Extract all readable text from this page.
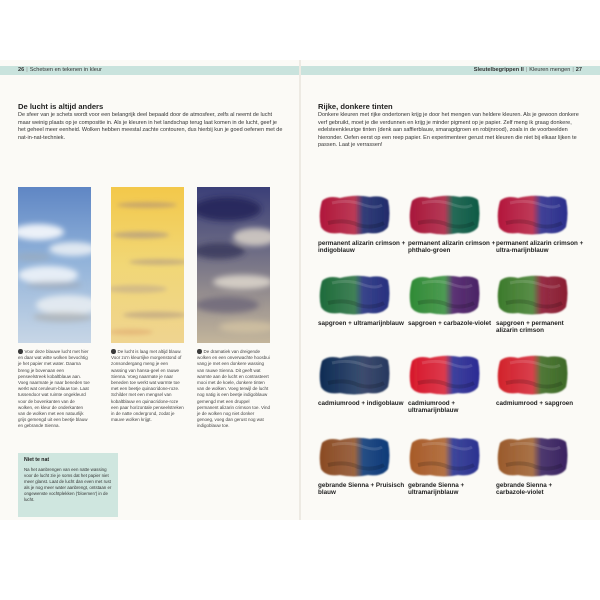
26 | Schetsen en tekenen in kleur	Sleutelbegrippen II | Kleuren mengen | 27
De lucht is altijd anders

De sfeer van je schets wordt voor een belangrijk deel bepaald door de atmosfeer, zelfs al neemt de lucht maar weinig plaats op je compositie in. Als je kleuren in het landschap terug laat komen in de lucht, geef je het geheel meer eenheid. Wolken hebben meestal zachte contouren, dus hierbij kun je goed oefenen met de nat-in-nat-techniek.

Voor deze blauwe lucht met hier en daar wat witte wolken bevochtig je het papier met water. Daarna breng je bovenaan een penseelstreek kobaltblauw aan. Voeg naarmate je naar beneden toe werkt wat ceruleum-blauw toe. Laat tussendoor wat ruimte ongekleurd voor de bovenkanten van de wolken, en kleur de onderkanten van de wolken met een natuurlijk grijs gemengd uit een beetje blauw en gebrande Sienna.

De lucht is laag met altijd blauw. Voor zo'n kleurrijke morgenstond of zonsondergang meng je een wassing van hansa-geel en rauwe Sienna. Voeg naarmate je naar beneden toe werkt wat warmte toe met een beetje quinacridone-roze. Schilder met een mengsel van kobaltblauw en quinacridone-roze een paar horizontale penseelstreken in de natte ondergrond, zodat je mauve wolken krijgt.

De dramatiek van dreigende wolken en een onverwachte hoosbui vang je met een donkere wassing van rauwe Sienna. Dit geeft wat warmte aan de lucht en contrasteert mooi met de koele, donkere tinten van de wolken. Voeg terwijl de lucht nog natig is een beetje indigoblauw gemengd met een druppel permanent alizarin crimson toe. Vind je de wolken nog niet donker genoeg, voeg dan gerust nog wat indigoblauw toe.

Niet te nat

Na het aanbrengen van een natte wassing voor de lucht zie je soms dat het papier niet meer glanst. Laat de lucht dan even met rust als je nog meer water aanbrengt, ontstaan er ongewenste vochtplekken ('bloemen') in de lucht.

Rijke, donkere tinten

Donkere kleuren met rijke ondertonen krijg je door het mengen van heldere kleuren. Als je gewoon donkere verf gebruikt, moet je die verdunnen en krijg je minder pigment op je papier. Zelf meng ik graag donkere, edelsteenkleurige tinten (denk aan saffierblauw, smaragdgroen en robijnrood), zoals in de voorbeelden hieronder. Oefen eerst op een reep papier. En experimenteer gerust met kleuren die niet bij elkaar lijken te passen. Laat je verrassen!

permanent alizarin crimson + indigoblauw

permanent alizarin crimson + phthalo-groen

permanent alizarin crimson + ultra-marijnblauw

sapgroen + ultramarijnblauw sapgroen + carbazole-violet sapgroen + permanent alizarin crimson

cadmiumrood + indigoblauw cadmiumrood + ultramarijnblauw

cadmiumrood + sapgroen

gebrande Sienna + Pruisisch blauw

gebrande Sienna + ultramarijnblauw

gebrande Sienna + carbazole-violet
